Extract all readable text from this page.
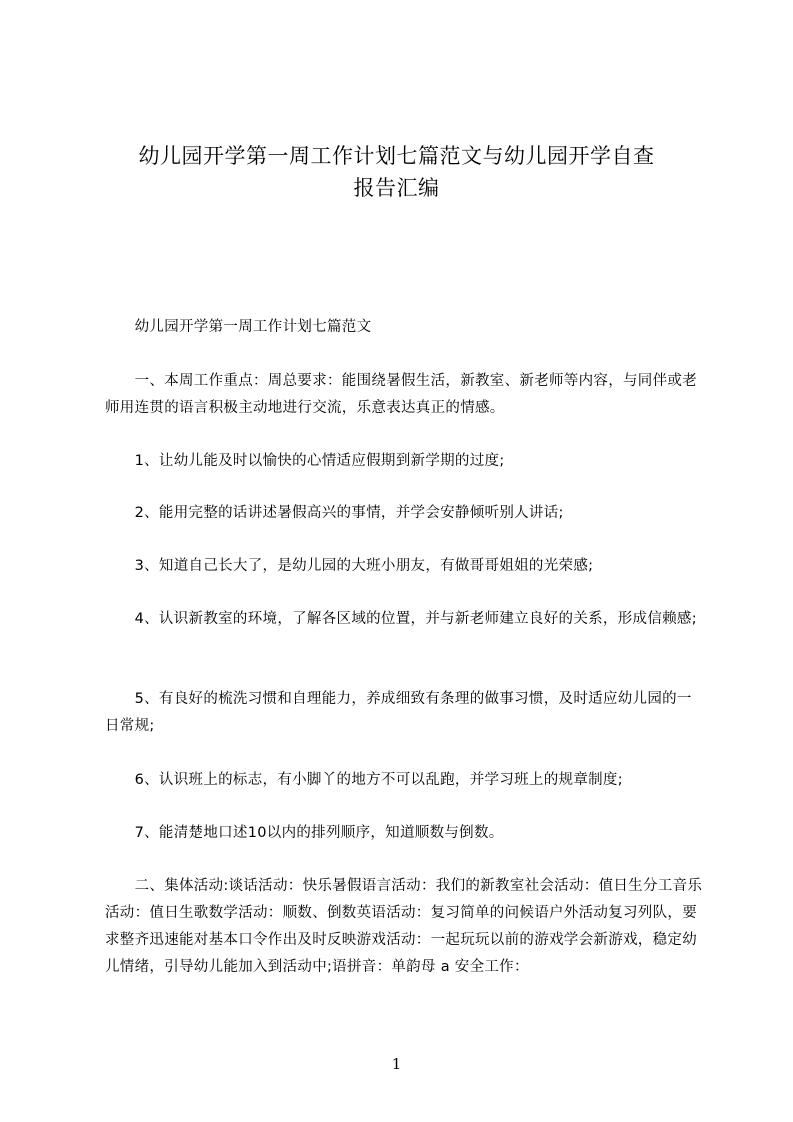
幼儿园开学第一周工作计划七篇范文与幼儿园开学自查
报告汇编
　　幼儿园开学第一周工作计划七篇范文
　　一、本周工作重点：周总要求：能围绕暑假生活，新教室、新老师等内容，与同伴或老师用连贯的语言积极主动地进行交流，乐意表达真正的情感。
　　1、让幼儿能及时以愉快的心情适应假期到新学期的过度;
　　2、能用完整的话讲述暑假高兴的事情，并学会安静倾听别人讲话;
　　3、知道自己长大了，是幼儿园的大班小朋友，有做哥哥姐姐的光荣感;
　　4、认识新教室的环境，了解各区域的位置，并与新老师建立良好的关系，形成信赖感;
　　5、有良好的梳洗习惯和自理能力，养成细致有条理的做事习惯，及时适应幼儿园的一日常规;
　　6、认识班上的标志，有小脚丫的地方不可以乱跑，并学习班上的规章制度;
　　7、能清楚地口述10以内的排列顺序，知道顺数与倒数。
　　二、集体活动:谈话活动：快乐暑假语言活动：我们的新教室社会活动：值日生分工音乐活动：值日生歌数学活动：顺数、倒数英语活动：复习简单的问候语户外活动复习列队，要求整齐迅速能对基本口令作出及时反映游戏活动：一起玩玩以前的游戏学会新游戏，稳定幼儿情绪，引导幼儿能加入到活动中;语拼音：单韵母 a 安全工作：
1
